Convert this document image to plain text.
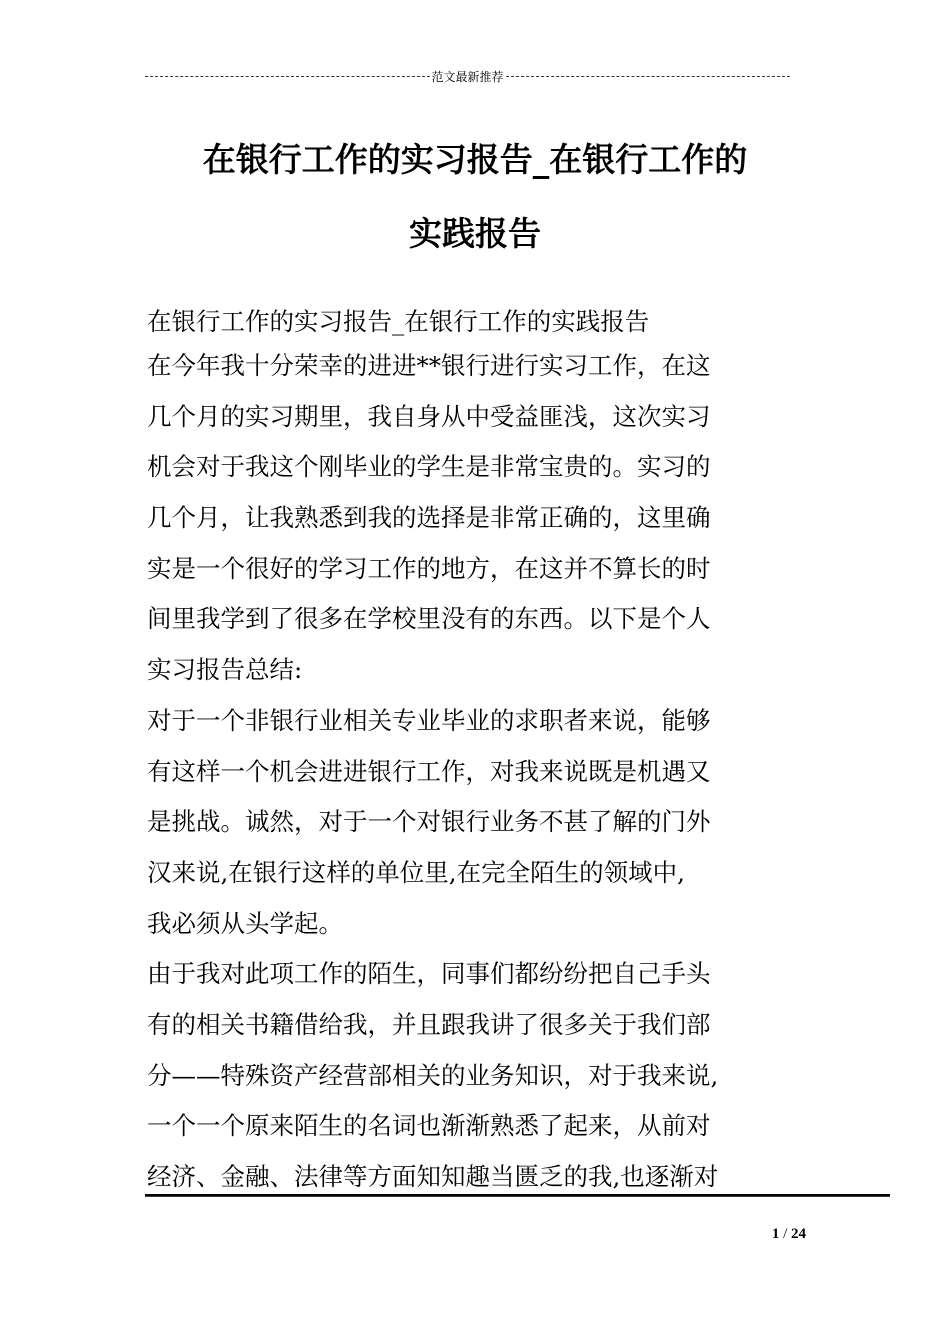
范文最新推荐
在银行工作的实习报告_在银行工作的
实践报告
在银行工作的实习报告_在银行工作的实践报告
在今年我十分荣幸的进进**银行进行实习工作，在这
几个月的实习期里，我自身从中受益匪浅，这次实习
机会对于我这个刚毕业的学生是非常宝贵的。实习的
几个月，让我熟悉到我的选择是非常正确的，这里确
实是一个很好的学习工作的地方，在这并不算长的时
间里我学到了很多在学校里没有的东西。以下是个人
实习报告总结:
对于一个非银行业相关专业毕业的求职者来说，能够
有这样一个机会进进银行工作，对我来说既是机遇又
是挑战。诚然，对于一个对银行业务不甚了解的门外
汉来说,在银行这样的单位里,在完全陌生的领域中,
我必须从头学起。
由于我对此项工作的陌生，同事们都纷纷把自己手头
有的相关书籍借给我，并且跟我讲了很多关于我们部
分——特殊资产经营部相关的业务知识，对于我来说,
一个一个原来陌生的名词也渐渐熟悉了起来，从前对
经济、金融、法律等方面知知趣当匮乏的我,也逐渐对
1 / 24
